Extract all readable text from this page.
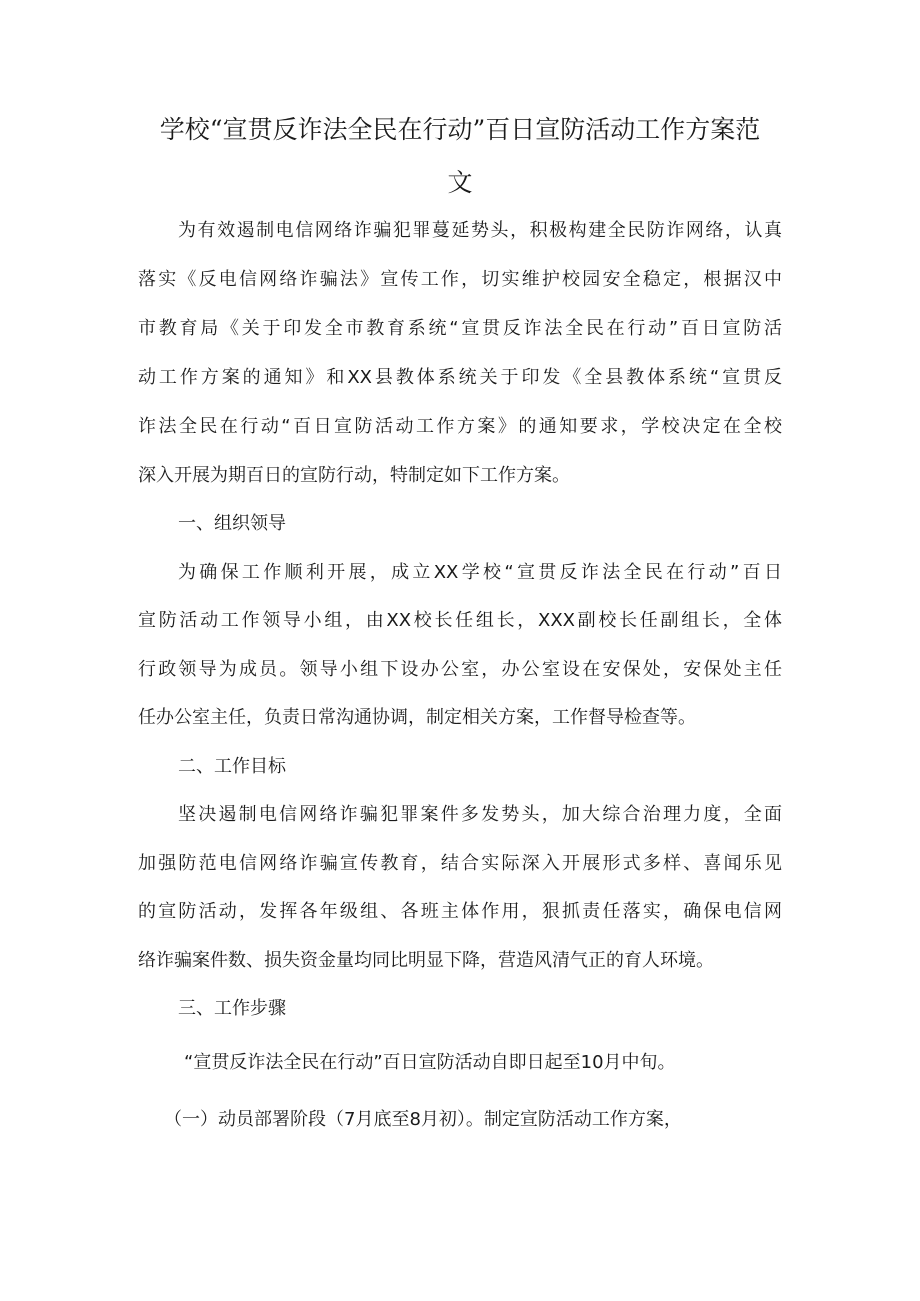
学校“宣贯反诈法全民在行动”百日宣防活动工作方案范
文

为有效遏制电信网络诈骗犯罪蔓延势头，积极构建全民防诈网络，认真

落实《反电信网络诈骗法》宣传工作，切实维护校园安全稳定，根据汉中

市教育局《关于印发全市教育系统“宣贯反诈法全民在行动”百日宣防活

动工作方案的通知》和XX县教体系统关于印发《全县教体系统“宣贯反

诈法全民在行动“百日宣防活动工作方案》的通知要求，学校决定在全校

深入开展为期百日的宣防行动，特制定如下工作方案。

一、组织领导

为确保工作顺利开展，成立XX学校“宣贯反诈法全民在行动”百日

宣防活动工作领导小组，由XX校长任组长，XXX副校长任副组长，全体

行政领导为成员。领导小组下设办公室，办公室设在安保处，安保处主任

任办公室主任，负责日常沟通协调，制定相关方案，工作督导检查等。

二、工作目标

坚决遏制电信网络诈骗犯罪案件多发势头，加大综合治理力度，全面

加强防范电信网络诈骗宣传教育，结合实际深入开展形式多样、喜闻乐见

的宣防活动，发挥各年级组、各班主体作用，狠抓责任落实，确保电信网

络诈骗案件数、损失资金量均同比明显下降，营造风清气正的育人环境。

三、工作步骤

“宣贯反诈法全民在行动”百日宣防活动自即日起至10月中旬。

（一）动员部署阶段（7月底至8月初）。制定宣防活动工作方案，
